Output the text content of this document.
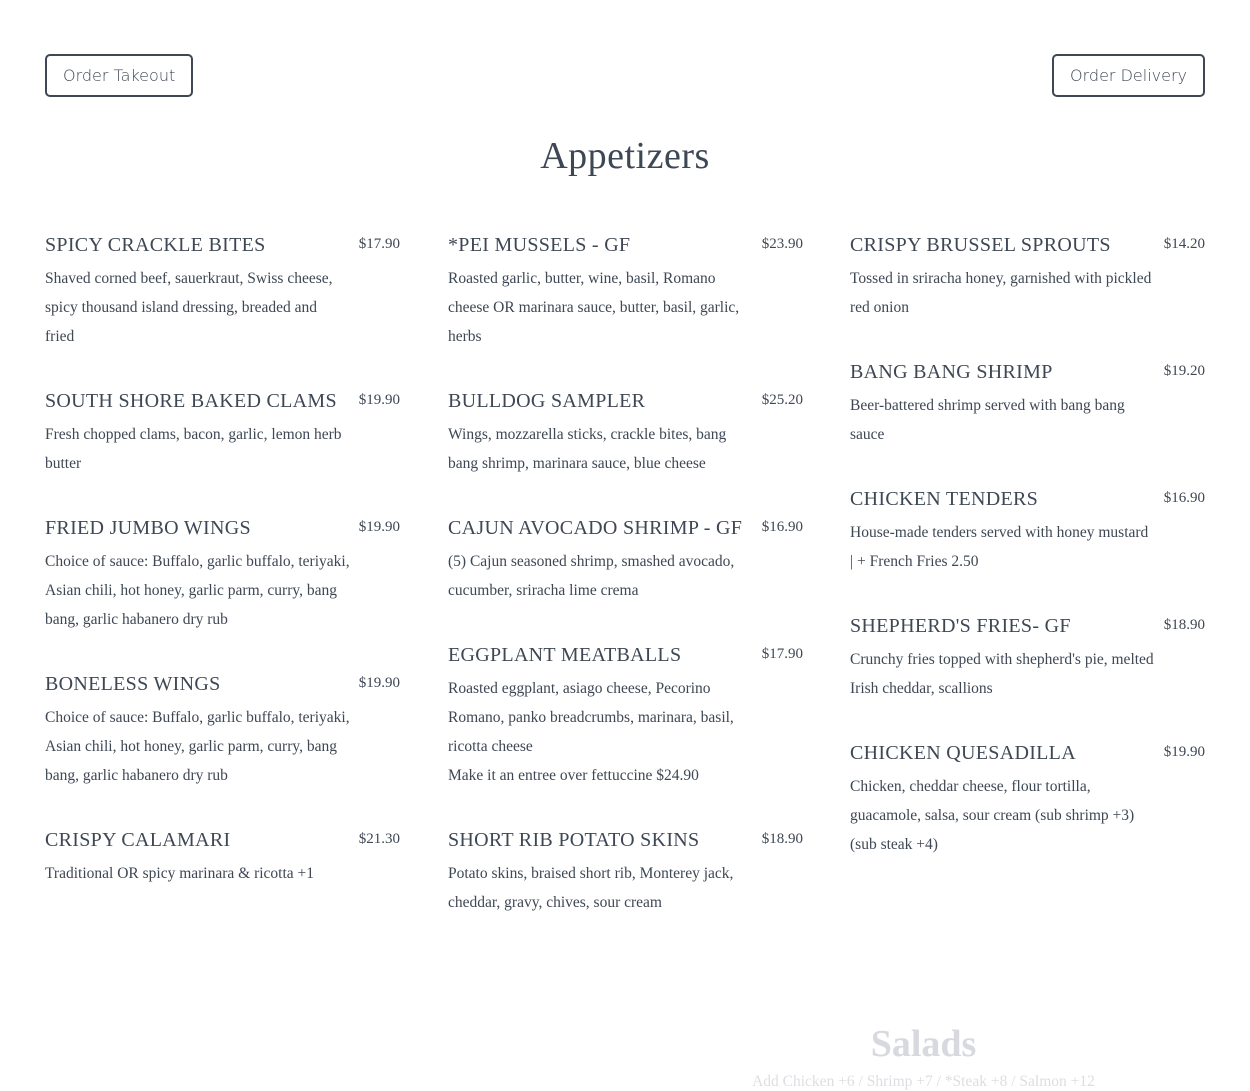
Order Takeout	Order Delivery
Appetizers
SPICY CRACKLE BITES	$17.90

Shaved corned beef, sauerkraut, Swiss cheese, spicy thousand island dressing, breaded and fried

SOUTH SHORE BAKED CLAMS	$19.90

Fresh chopped clams, bacon, garlic, lemon herb butter

FRIED JUMBO WINGS	$19.90

Choice of sauce: Buffalo, garlic buffalo, teriyaki, Asian chili, hot honey, garlic parm, curry, bang bang, garlic habanero dry rub

BONELESS WINGS	$19.90

Choice of sauce: Buffalo, garlic buffalo, teriyaki, Asian chili, hot honey, garlic parm, curry, bang bang, garlic habanero dry rub

CRISPY CALAMARI	$21.30

Traditional OR spicy marinara & ricotta +1

*PEI MUSSELS - GF	$23.90

Roasted garlic, butter, wine, basil, Romano cheese OR marinara sauce, butter, basil, garlic, herbs

BULLDOG SAMPLER	$25.20

Wings, mozzarella sticks, crackle bites, bang bang shrimp, marinara sauce, blue cheese

CAJUN AVOCADO SHRIMP - GF	$16.90

(5) Cajun seasoned shrimp, smashed avocado, cucumber, sriracha lime crema

EGGPLANT MEATBALLS	$17.90

Roasted eggplant, asiago cheese, Pecorino Romano, panko breadcrumbs, marinara, basil, ricotta cheese

Make it an entree over fettuccine $24.90

SHORT RIB POTATO SKINS	$18.90

Potato skins, braised short rib, Monterey jack, cheddar, gravy, chives, sour cream

CRISPY BRUSSEL SPROUTS	$14.20

Tossed in sriracha honey, garnished with pickled red onion

BANG BANG SHRIMP	$19.20

Beer-battered shrimp served with bang bang sauce

CHICKEN TENDERS	$16.90

House-made tenders served with honey mustard | + French Fries 2.50

SHEPHERD'S FRIES- GF	$18.90

Crunchy fries topped with shepherd's pie, melted Irish cheddar, scallions

CHICKEN QUESADILLA	$19.90

Chicken, cheddar cheese, flour tortilla, guacamole, salsa, sour cream (sub shrimp +3) (sub steak +4)

Salads
Add Chicken +6 / Shrimp +7 / *Steak +8 / Salmon +12
